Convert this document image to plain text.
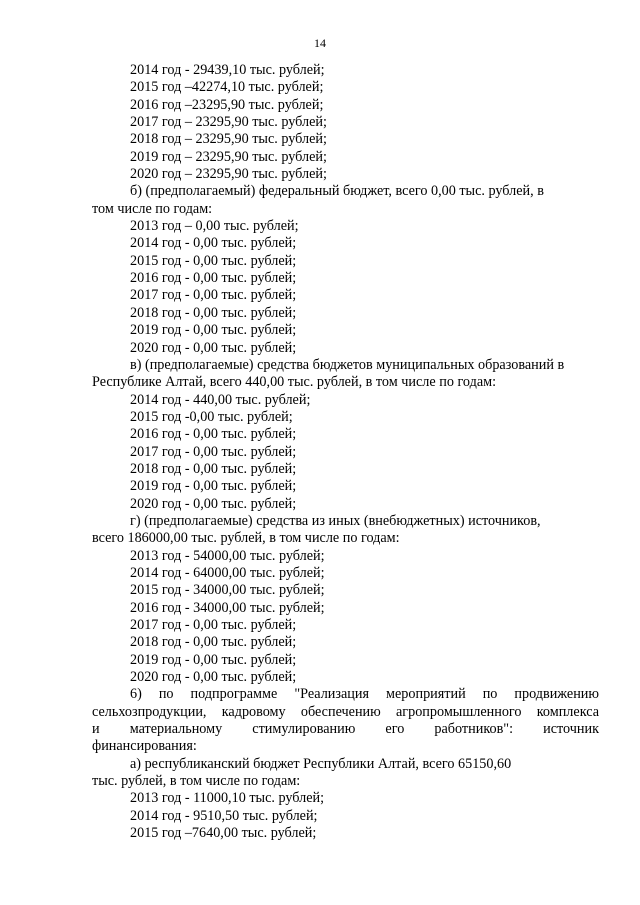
14
2014 год - 29439,10 тыс. рублей;
2015 год –42274,10 тыс. рублей;
2016 год –23295,90 тыс. рублей;
2017 год – 23295,90 тыс. рублей;
2018 год – 23295,90 тыс. рублей;
2019 год – 23295,90 тыс. рублей;
2020 год – 23295,90 тыс. рублей;
б) (предполагаемый) федеральный бюджет, всего 0,00 тыс. рублей, в
том числе по годам:
2013 год – 0,00 тыс. рублей;
2014 год - 0,00 тыс. рублей;
2015 год - 0,00 тыс. рублей;
2016 год - 0,00 тыс. рублей;
2017 год - 0,00 тыс. рублей;
2018 год - 0,00 тыс. рублей;
2019 год - 0,00 тыс. рублей;
2020 год - 0,00 тыс. рублей;
в) (предполагаемые) средства бюджетов муниципальных образований в
Республике Алтай, всего 440,00 тыс. рублей, в том числе по годам:
2014 год - 440,00 тыс. рублей;
2015 год -0,00 тыс. рублей;
2016 год - 0,00 тыс. рублей;
2017 год - 0,00 тыс. рублей;
2018 год - 0,00 тыс. рублей;
2019 год - 0,00 тыс. рублей;
2020 год - 0,00 тыс. рублей;
г) (предполагаемые) средства из иных (внебюджетных) источников,
всего 186000,00 тыс. рублей, в том числе по годам:
2013 год - 54000,00 тыс. рублей;
2014 год - 64000,00 тыс. рублей;
2015 год - 34000,00 тыс. рублей;
2016 год - 34000,00 тыс. рублей;
2017 год - 0,00 тыс. рублей;
2018 год - 0,00 тыс. рублей;
2019 год - 0,00 тыс. рублей;
2020 год - 0,00 тыс. рублей;
6) по подпрограмме "Реализация мероприятий по продвижению
сельхозпродукции, кадровому обеспечению агропромышленного комплекса
и материальному стимулированию его работников": источник
финансирования:
а) республиканский бюджет Республики Алтай, всего 65150,60
тыс. рублей, в том числе по годам:
2013 год - 11000,10 тыс. рублей;
2014 год - 9510,50 тыс. рублей;
2015 год –7640,00 тыс. рублей;
